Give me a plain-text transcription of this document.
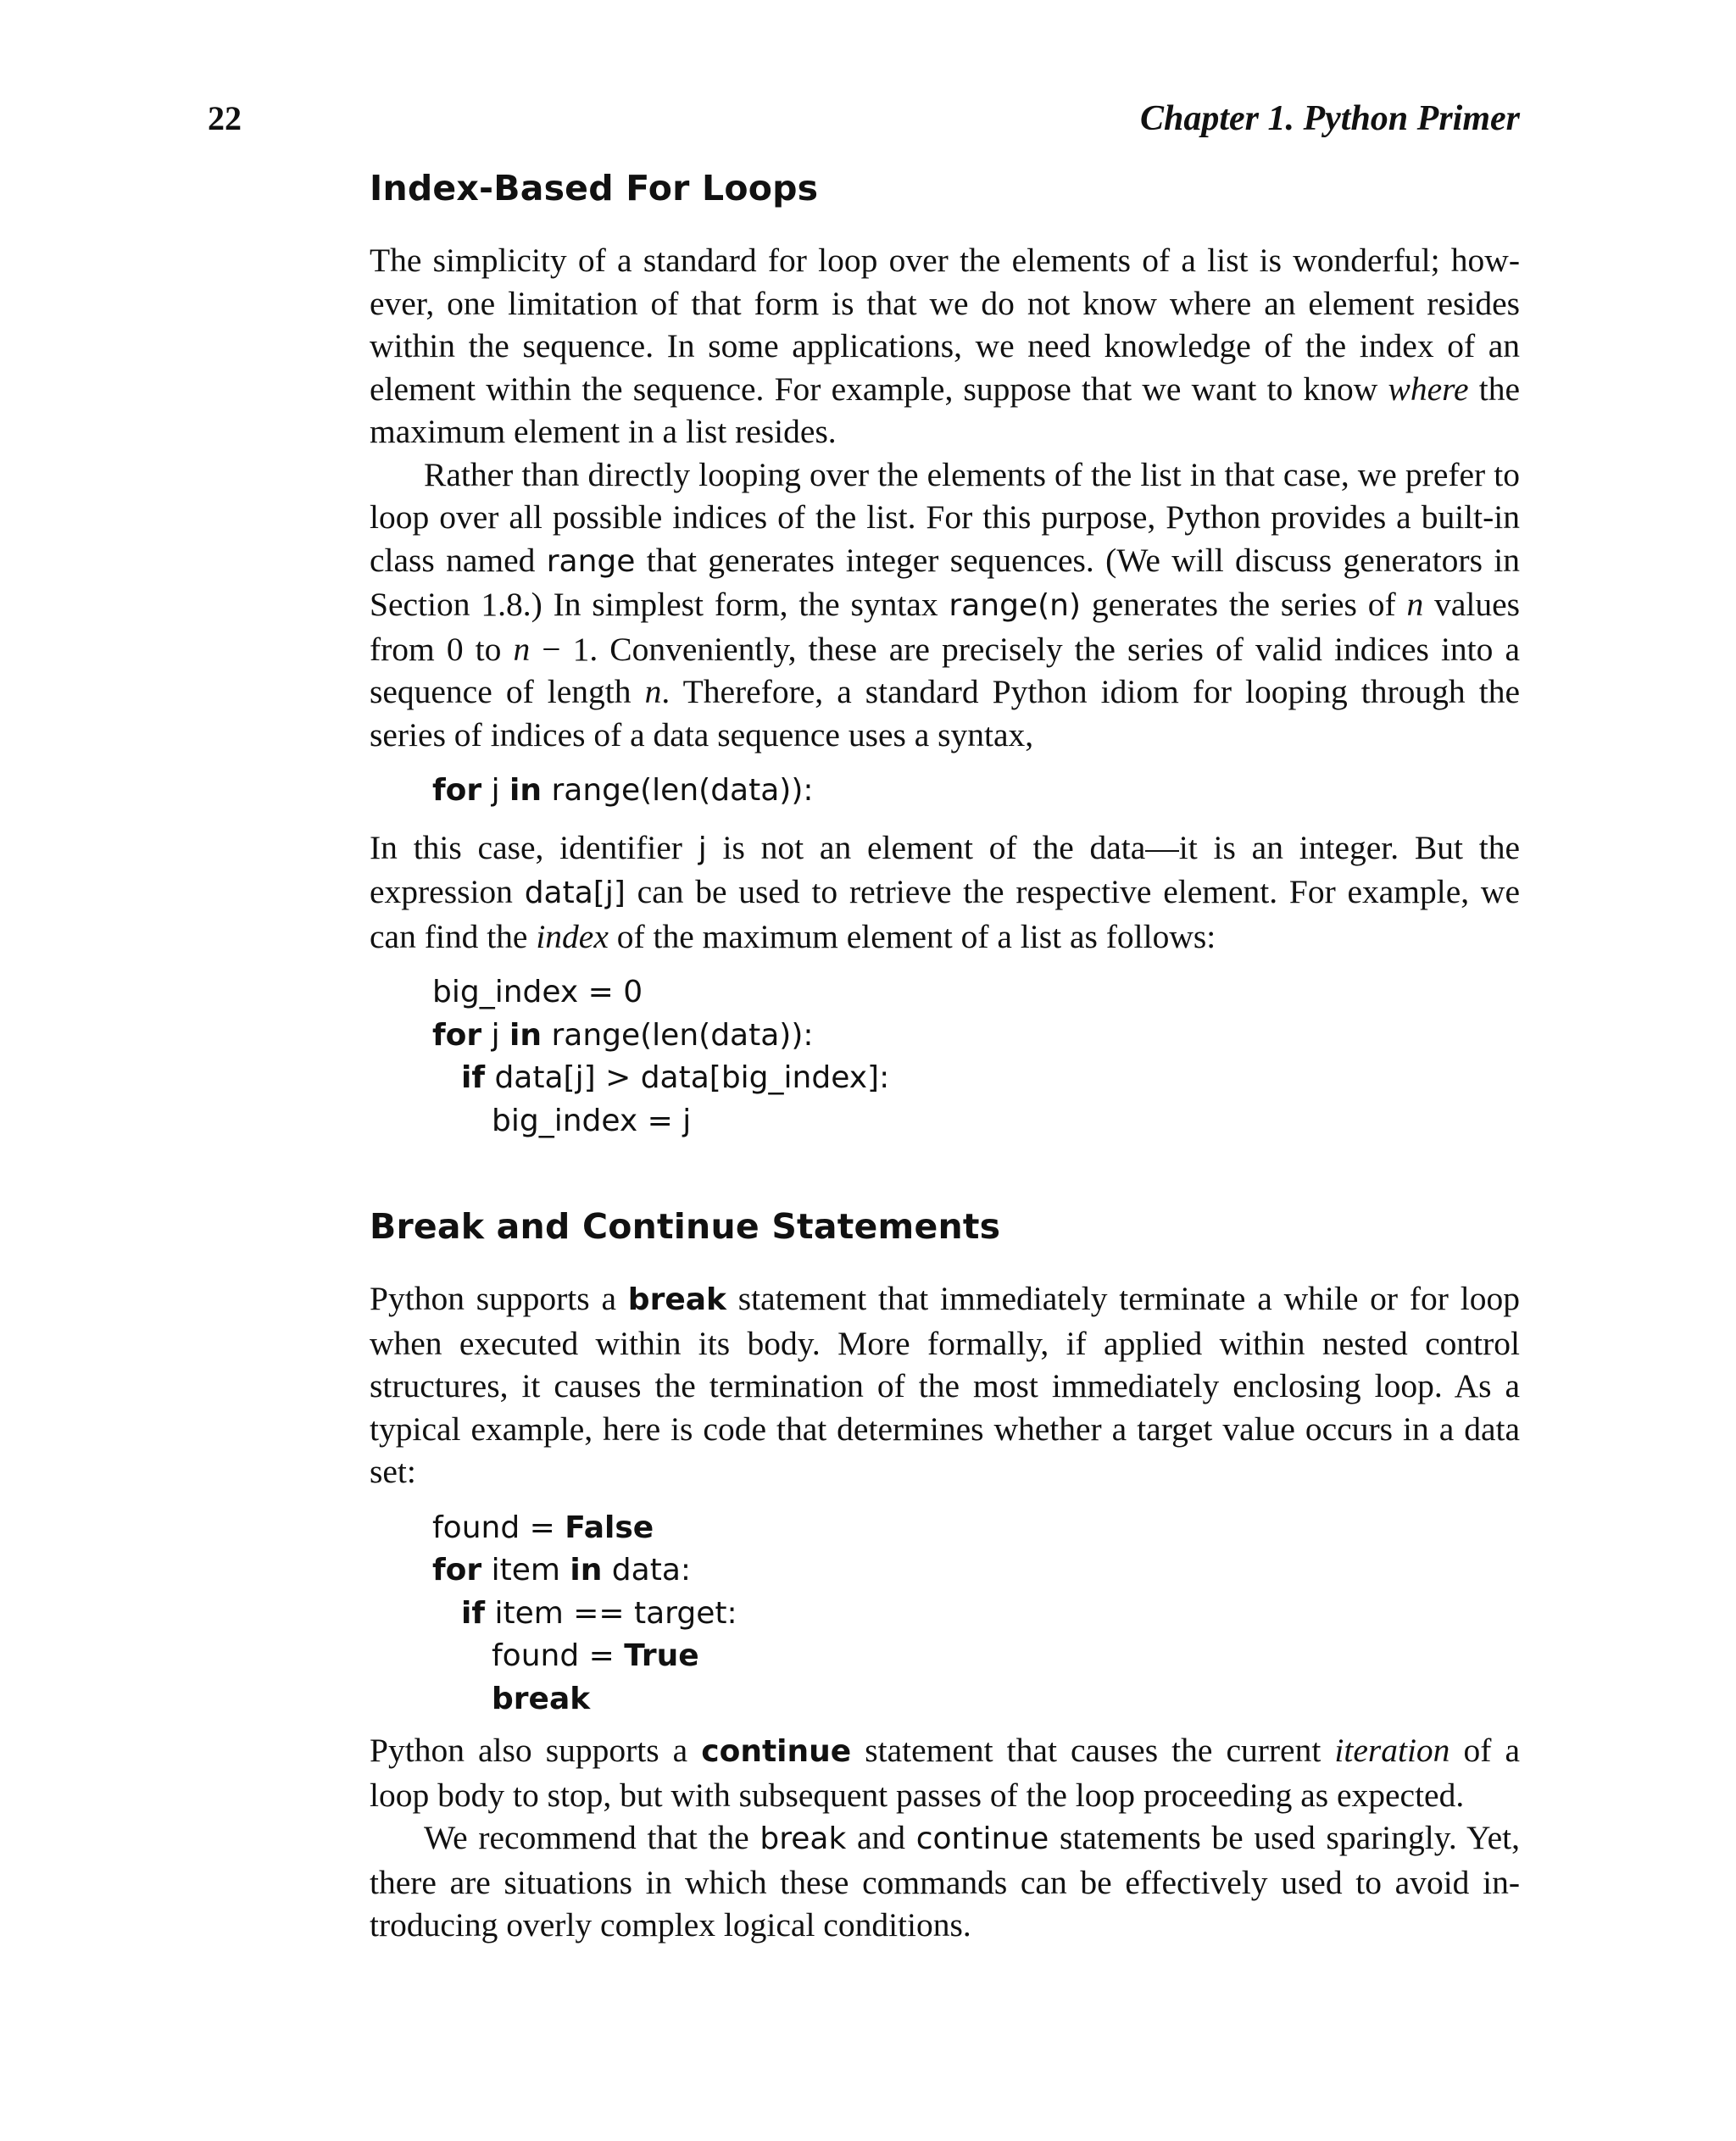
22	Chapter 1. Python Primer
Index-Based For Loops

The simplicity of a standard for loop over the elements of a list is wonderful; however, one limitation of that form is that we do not know where an element resides within the sequence. In some applications, we need knowledge of the index of an element within the sequence. For example, suppose that we want to know where the maximum element in a list resides.

Rather than directly looping over the elements of the list in that case, we prefer to loop over all possible indices of the list. For this purpose, Python provides a built-in class named range that generates integer sequences. (We will discuss generators in Section 1.8.) In simplest form, the syntax range(n) generates the series of n values from 0 to n − 1. Conveniently, these are precisely the series of valid indices into a sequence of length n. Therefore, a standard Python idiom for looping through the series of indices of a data sequence uses a syntax,

for j in range(len(data)):

In this case, identifier j is not an element of the data—it is an integer. But the expression data[j] can be used to retrieve the respective element. For example, we can find the index of the maximum element of a list as follows:

big_index = 0
for j in range(len(data)):
if data[j] > data[big_index]:
big_index = j
Break and Continue Statements

Python supports a break statement that immediately terminate a while or for loop when executed within its body. More formally, if applied within nested control structures, it causes the termination of the most immediately enclosing loop. As a typical example, here is code that determines whether a target value occurs in a data set:

found = False
for item in data:
if item == target:
found = True
break

Python also supports a continue statement that causes the current iteration of a loop body to stop, but with subsequent passes of the loop proceeding as expected.

We recommend that the break and continue statements be used sparingly. Yet, there are situations in which these commands can be effectively used to avoid introducing overly complex logical conditions.
